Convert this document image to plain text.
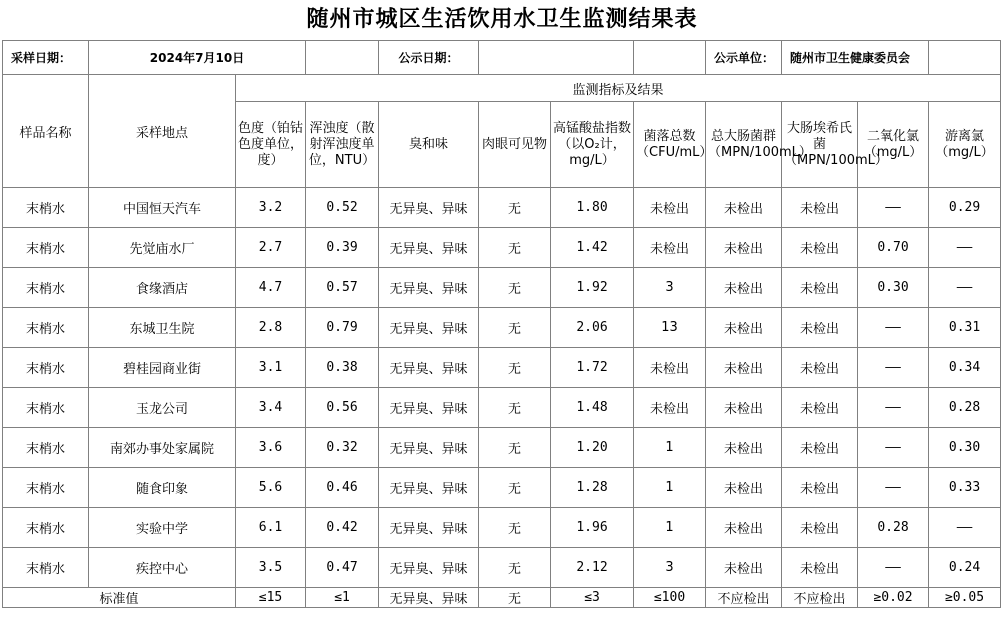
随州市城区生活饮用水卫生监测结果表
采样日期：	2024年7月10日			公示日期：				公示单位：	随州市卫生健康委员会		
样品名称	采样地点	监测指标及结果									
		色度（铂钴色度单位，度）	浑浊度（散射浑浊度单位，NTU）	臭和味	肉眼可见物	高锰酸盐指数（以O₂计，mg/L）	菌落总数（CFU/mL）	总大肠菌群（MPN/100mL）	大肠埃希氏菌（MPN/100mL）	二氧化氯（mg/L）	游离氯（mg/L）
末梢水	中国恒天汽车	3.2	0.52	无异臭、异味	无	1.80	未检出	未检出	未检出	——	0.29
末梢水	先觉庙水厂	2.7	0.39	无异臭、异味	无	1.42	未检出	未检出	未检出	0.70	——
末梢水	食缘酒店	4.7	0.57	无异臭、异味	无	1.92	3	未检出	未检出	0.30	——
末梢水	东城卫生院	2.8	0.79	无异臭、异味	无	2.06	13	未检出	未检出	——	0.31
末梢水	碧桂园商业街	3.1	0.38	无异臭、异味	无	1.72	未检出	未检出	未检出	——	0.34
末梢水	玉龙公司	3.4	0.56	无异臭、异味	无	1.48	未检出	未检出	未检出	——	0.28
末梢水	南郊办事处家属院	3.6	0.32	无异臭、异味	无	1.20	1	未检出	未检出	——	0.30
末梢水	随食印象	5.6	0.46	无异臭、异味	无	1.28	1	未检出	未检出	——	0.33
末梢水	实验中学	6.1	0.42	无异臭、异味	无	1.96	1	未检出	未检出	0.28	——
末梢水	疾控中心	3.5	0.47	无异臭、异味	无	2.12	3	未检出	未检出	——	0.24
标准值		≤15	≤1	无异臭、异味	无	≤3	≤100	不应检出	不应检出	≥0.02	≥0.05
